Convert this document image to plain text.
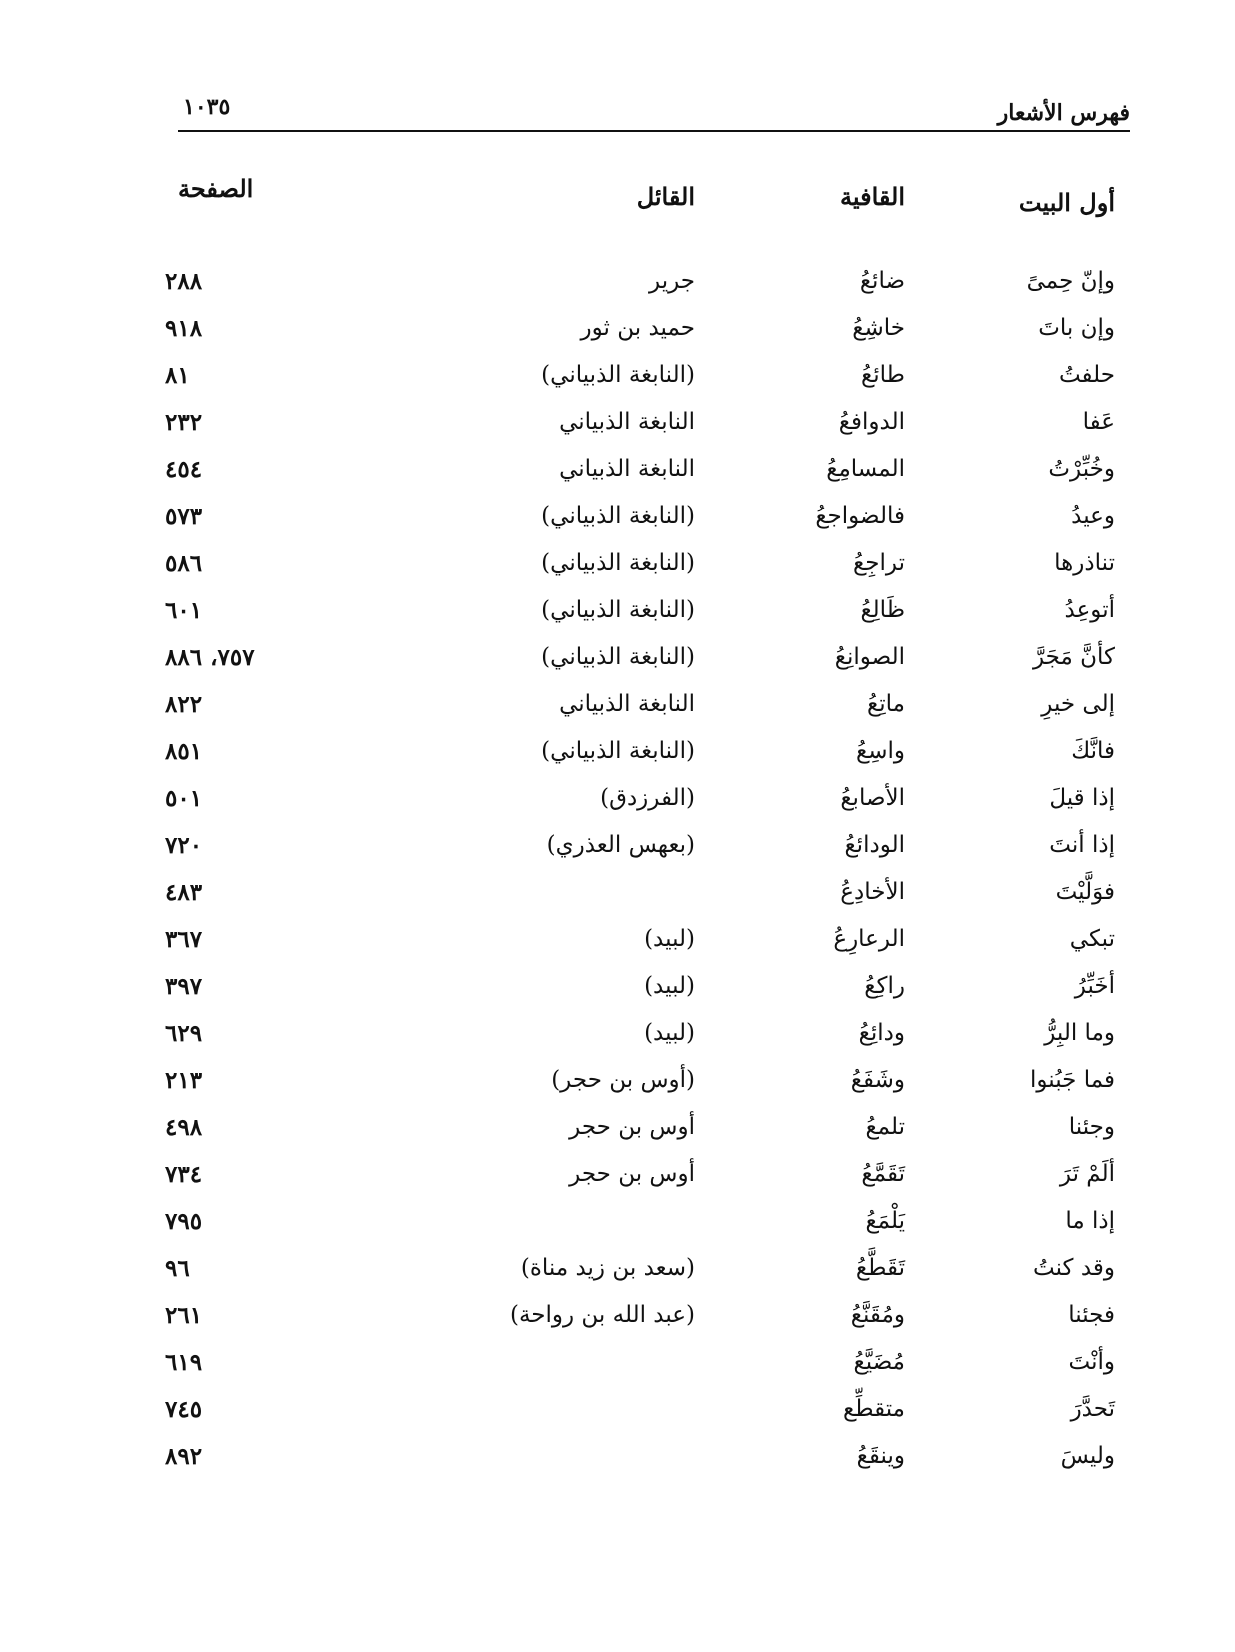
فهرس الأشعار
١٠٣٥
أول البيت
القافية
القائل
الصفحة
وإنّ حِمىً
ضائعُ
جرير
٢٨٨
وإن باتَ
خاشِعُ
حميد بن ثور
٩١٨
حلفتُ
طائعُ
(النابغة الذبياني)
٨١
عَفا
الدوافعُ
النابغة الذبياني
٢٣٢
وخُبِّرْتُ
المسامِعُ
النابغة الذبياني
٤٥٤
وعيدُ
فالضواجعُ
(النابغة الذبياني)
٥٧٣
تناذرها
تراجِعُ
(النابغة الذبياني)
٥٨٦
أتوعِدُ
ظَالِعُ
(النابغة الذبياني)
٦٠١
كأنَّ مَجَرَّ
الصوانِعُ
(النابغة الذبياني)
٧٥٧، ٨٨٦
إلى خيرِ
ماتِعُ
النابغة الذبياني
٨٢٢
فانَّكَ
واسِعُ
(النابغة الذبياني)
٨٥١
إذا قيلَ
الأصابعُ
(الفرزدق)
٥٠١
إذا أنتَ
الودائعُ
(بعهس العذري)
٧٢٠
فوَلَّيْتَ
الأخادِعُ
٤٨٣
تبكي
الرعارِعُ
(لبيد)
٣٦٧
أخَبِّرُ
راكِعُ
(لبيد)
٣٩٧
وما البِرُّ
ودائِعُ
(لبيد)
٦٢٩
فما جَبُنوا
وشَفَعُ
(أوس بن حجر)
٢١٣
وجئنا
تلمعُ
أوس بن حجر
٤٩٨
ألَمْ تَرَ
تَقَمَّعُ
أوس بن حجر
٧٣٤
إذا ما
يَلْمَعُ
٧٩٥
وقد كنتُ
تَقَطَّعُ
(سعد بن زيد مناة)
٩٦
فجئنا
ومُقَنَّعُ
(عبد الله بن رواحة)
٢٦١
وأنْتَ
مُضَيَّعُ
٦١٩
تَحدَّرَ
متقطِّع
٧٤٥
وليسَ
وينقَعُ
٨٩٢
